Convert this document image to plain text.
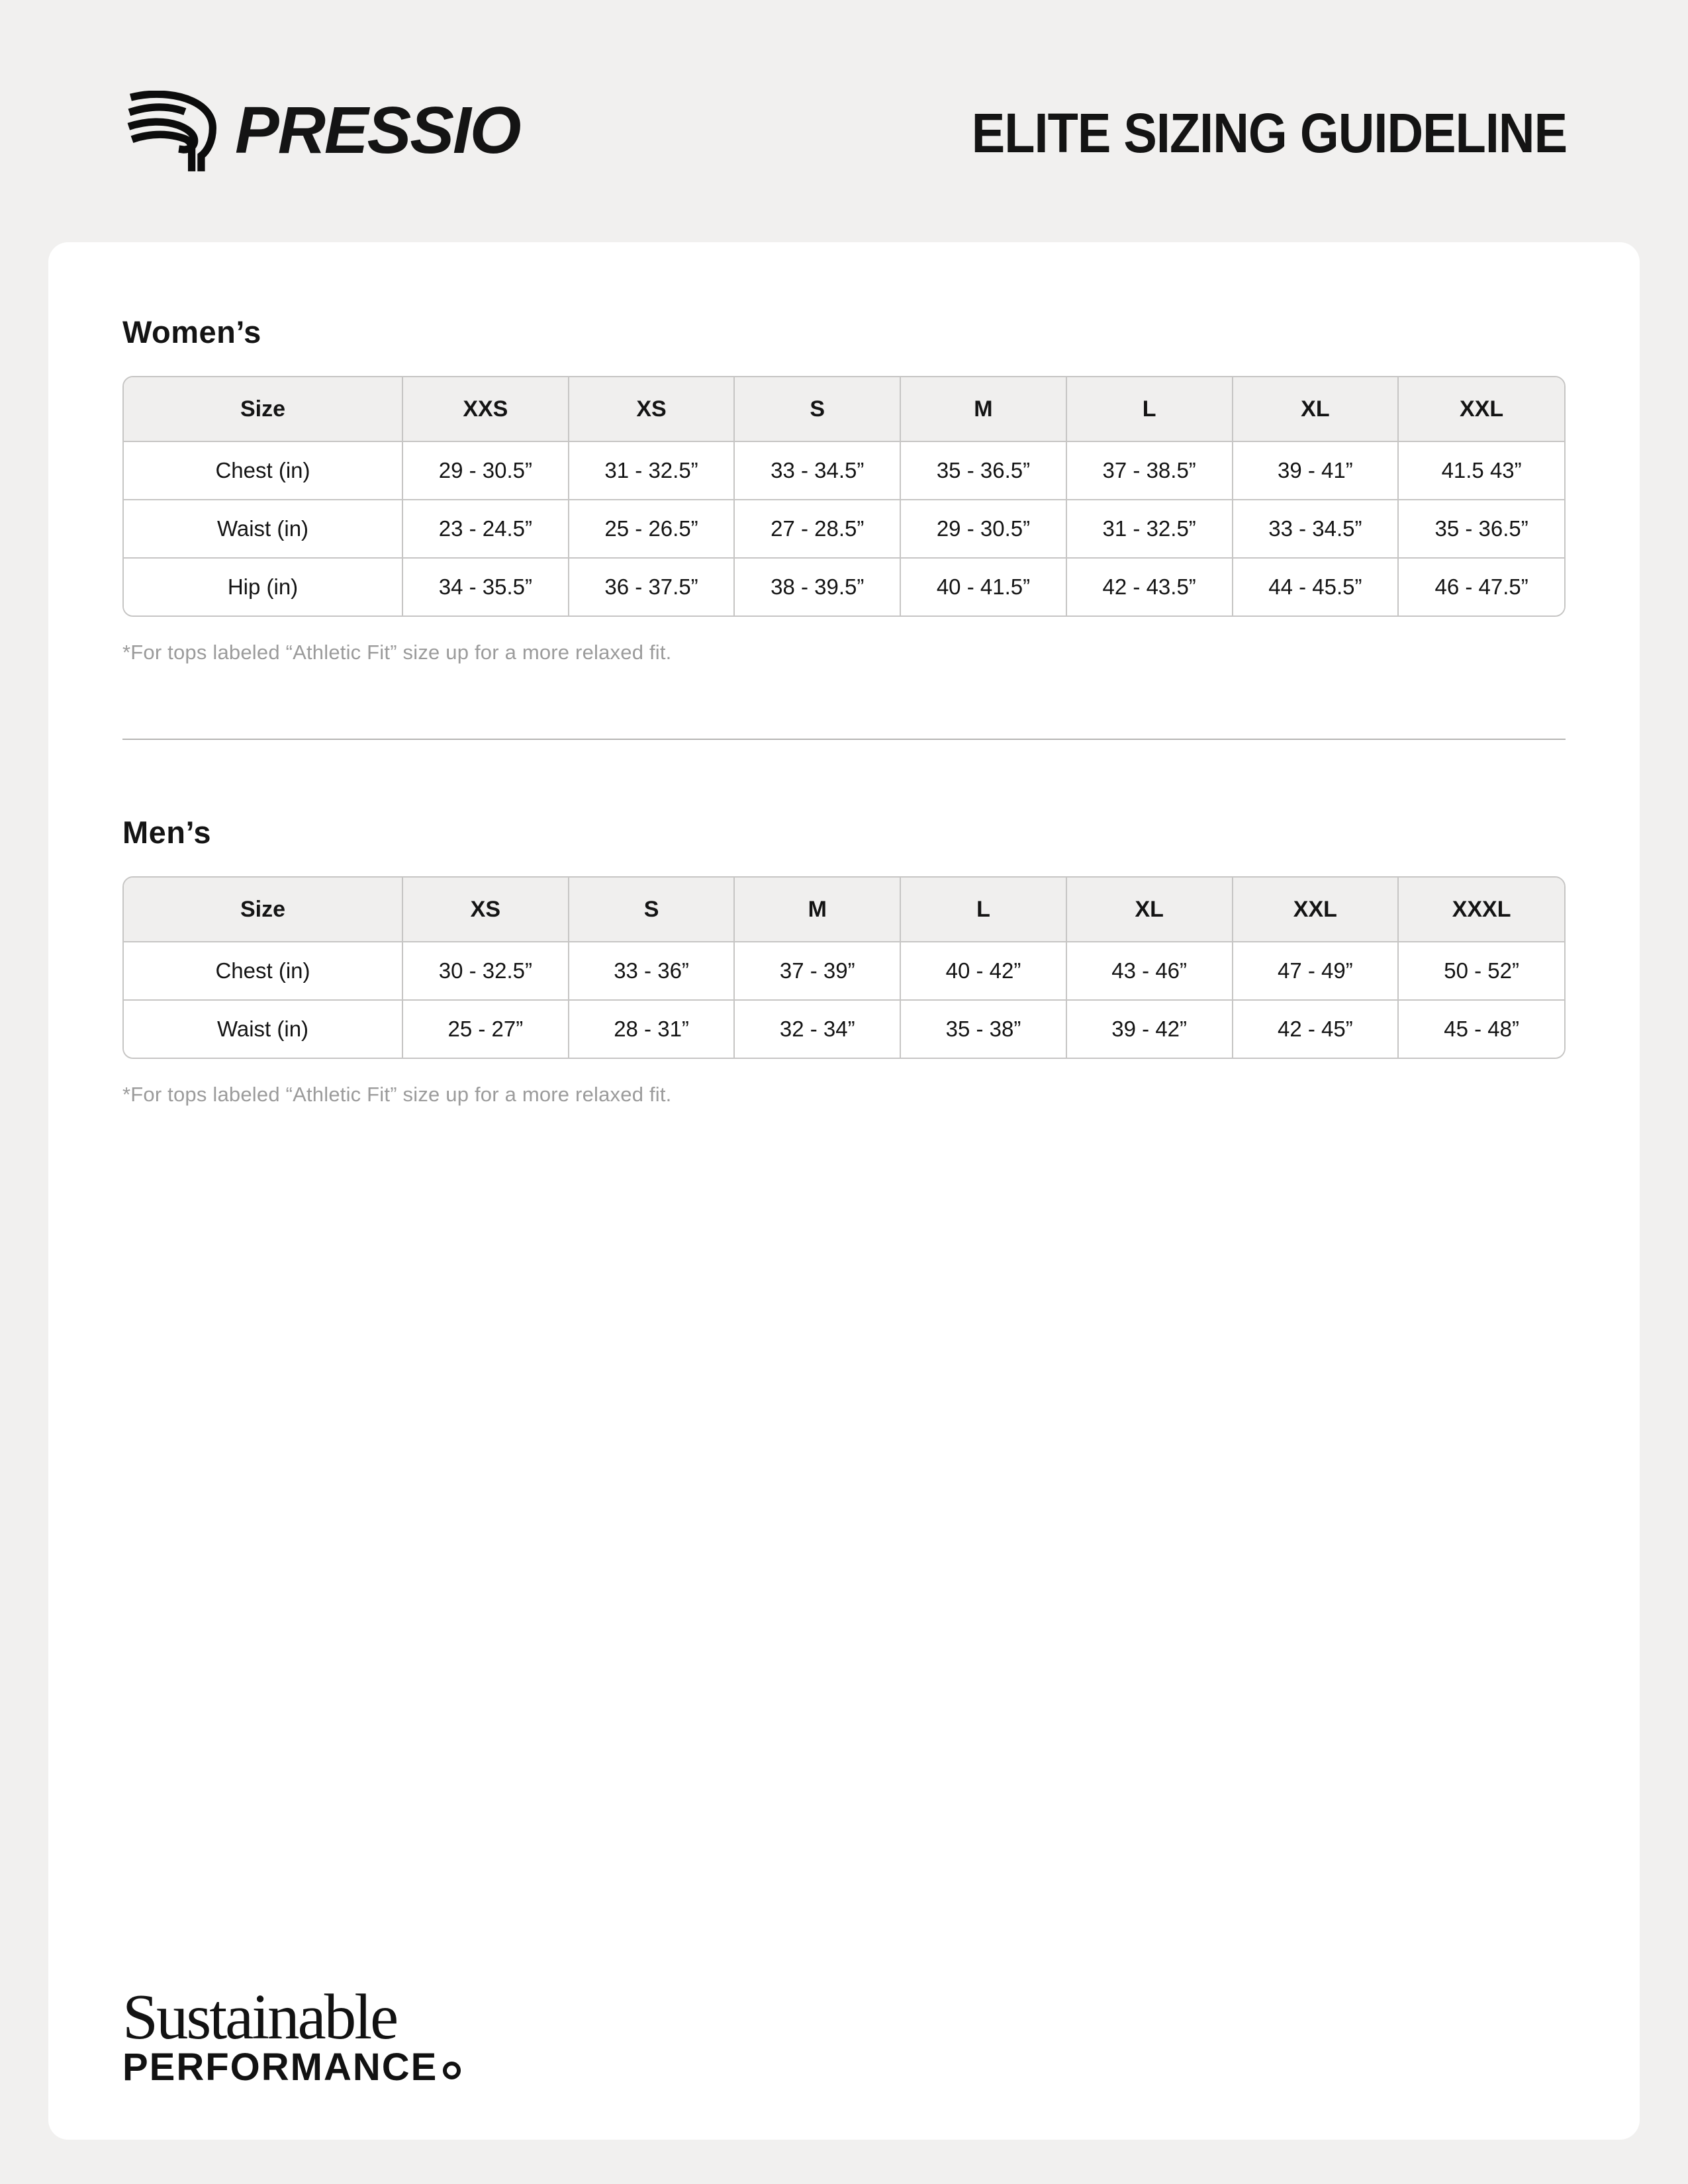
PRESSIO	ELITE SIZING GUIDELINE
Women’s
Size	XXS	XS	S	M	L	XL	XXL
Chest (in)	29 - 30.5”	31 - 32.5”	33 - 34.5”	35 - 36.5”	37 - 38.5”	39 - 41”	41.5 43”
Waist (in)	23 - 24.5”	25 - 26.5”	27 - 28.5”	29 - 30.5”	31 - 32.5”	33 - 34.5”	35 - 36.5”
Hip (in)	34 - 35.5”	36 - 37.5”	38 - 39.5”	40 - 41.5”	42 - 43.5”	44 - 45.5”	46 - 47.5”
*For tops labeled “Athletic Fit” size up for a more relaxed fit.
Men’s
Size	XS	S	M	L	XL	XXL	XXXL
Chest (in)	30 - 32.5”	33 - 36”	37 - 39”	40 - 42”	43 - 46”	47 - 49”	50 - 52”
Waist (in)	25 - 27”	28 - 31”	32 - 34”	35 - 38”	39 - 42”	42 - 45”	45 - 48”
*For tops labeled “Athletic Fit” size up for a more relaxed fit.
Sustainable
PERFORMANCE
